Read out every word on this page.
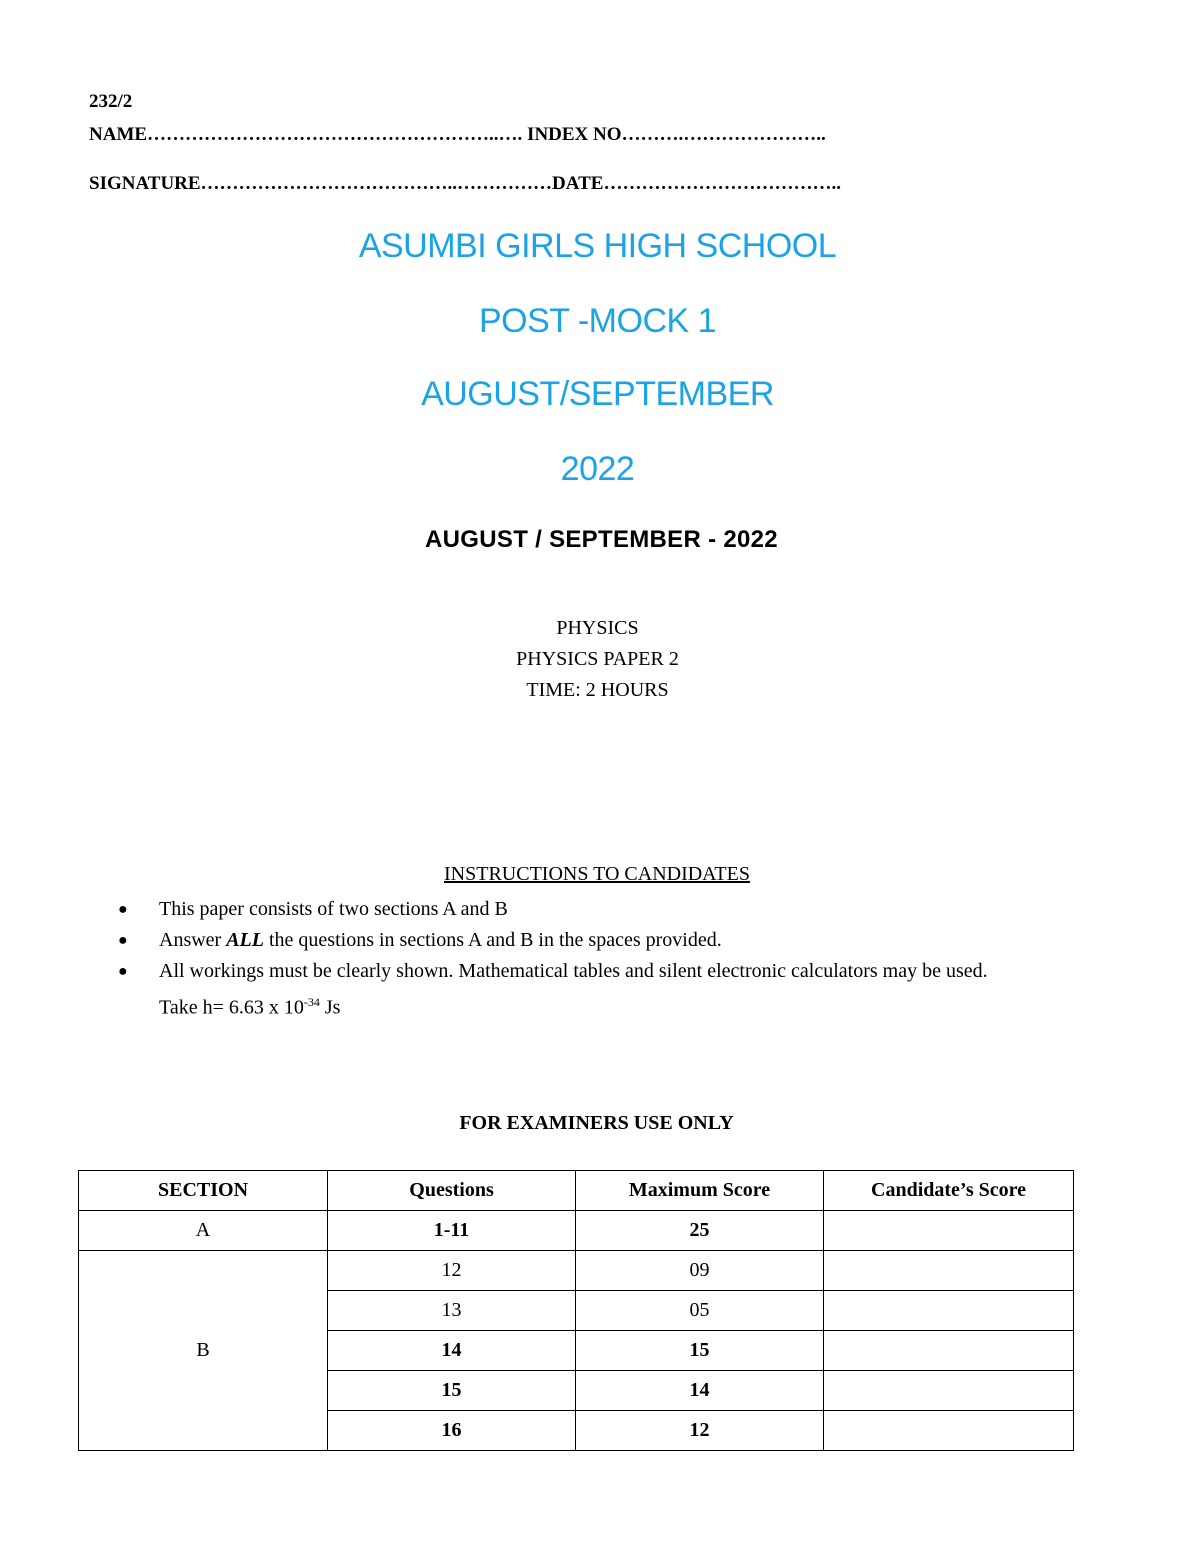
232/2
NAME………………………………………………..…. INDEX NO……….…………………..
SIGNATURE…………………………………..……………DATE………………………………..
ASUMBI GIRLS HIGH SCHOOL
POST -MOCK 1
AUGUST/SEPTEMBER
2022
AUGUST / SEPTEMBER - 2022
PHYSICS
PHYSICS PAPER 2
TIME: 2 HOURS
INSTRUCTIONS TO CANDIDATES
● This paper consists of two sections A and B
● Answer ALL the questions in sections A and B in the spaces provided.
● All workings must be clearly shown. Mathematical tables and silent electronic calculators may be used.
Take h= 6.63 x $10^{-34}$ Js
FOR EXAMINERS USE ONLY
SECTION	Questions	Maximum Score	Candidate’s Score
A	1-11	25	
B	12	09	
	13	05	
	14	15	
	15	14	
	16	12	
